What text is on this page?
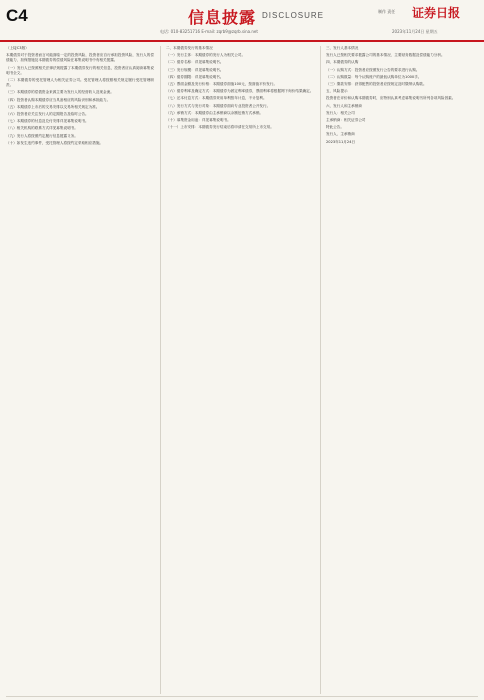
C4	信息披露 DISCLOSURE	制作 责任 证券日报
电话: 010-83251716 E-mail: zqrb9@zqrb.sina.net	2023年11月24日 星期五

（上接C3版）

本期债券对于投资者而言可能面临一定的投资风险，投资者应自行承担投资风险，发行人的偿债能力、担保措施及本期债券的偿债风险在募集说明书中有相关披露。

（一）发行人已按照相关法律法规披露了本期债券发行的相关信息，投资者应认真阅读募集说明书全文。

（二）本期债券的受托管理人为相关证券公司。受托管理人将按照相关规定履行受托管理职责。

（三）本期债券的偿债资金来源主要为发行人的经营收入及现金流。

（四）投资者认购本期债券应当具备相应的风险识别和承担能力。

（五）本期债券上市后的交易安排以交易所相关规定为准。

（六）投资者应关注发行人的定期报告及临时公告。

（七）本期债券的付息及兑付安排详见募集说明书。

（八）相关机构的联系方式详见募集说明书。

（九）发行人将按照约定履行信息披露义务。

（十）如发生违约事件，受托管理人将按约定采取相应措施。

二、本期债券发行的基本情况

（一）发行主体：本期债券的发行人为相关公司。

（二）债券名称：详见募集说明书。

（三）发行规模：详见募集说明书。

（四）债券期限：详见募集说明书。

（五）票面金额及发行价格：本期债券面值100元，按面值平价发行。

（六）债券利率及确定方式：本期债券为固定利率债券，票面利率将根据网下询价结果确定。

（七）还本付息方式：本期债券采用单利按年计息，不计复利。

（八）发行方式与发行对象：本期债券面向专业投资者公开发行。

（九）承销方式：本期债券由主承销商以余额包销方式承销。

（十）募集资金用途：详见募集说明书。

（十一）上市安排：本期债券发行结束后将申请在交易所上市交易。

三、发行人基本情况

发行人已按相关要求披露公司的基本情况、主要财务数据及偿债能力分析。

四、本期债券的认购

（一）认购方式：投资者应按照发行公告的要求进行认购。

（二）认购数量：每个认购账户的最低认购单位为1000手。

（三）缴款安排：获得配售的投资者应按规定及时缴纳认购款。

五、风险提示

投资者在评价和认购本期债券时，应特别认真考虑募集说明书所列各项风险因素。

六、发行人和主承销商

发行人：相关公司

主承销商：相关证券公司

特此公告。

发行人、主承销商

2023年11月24日
